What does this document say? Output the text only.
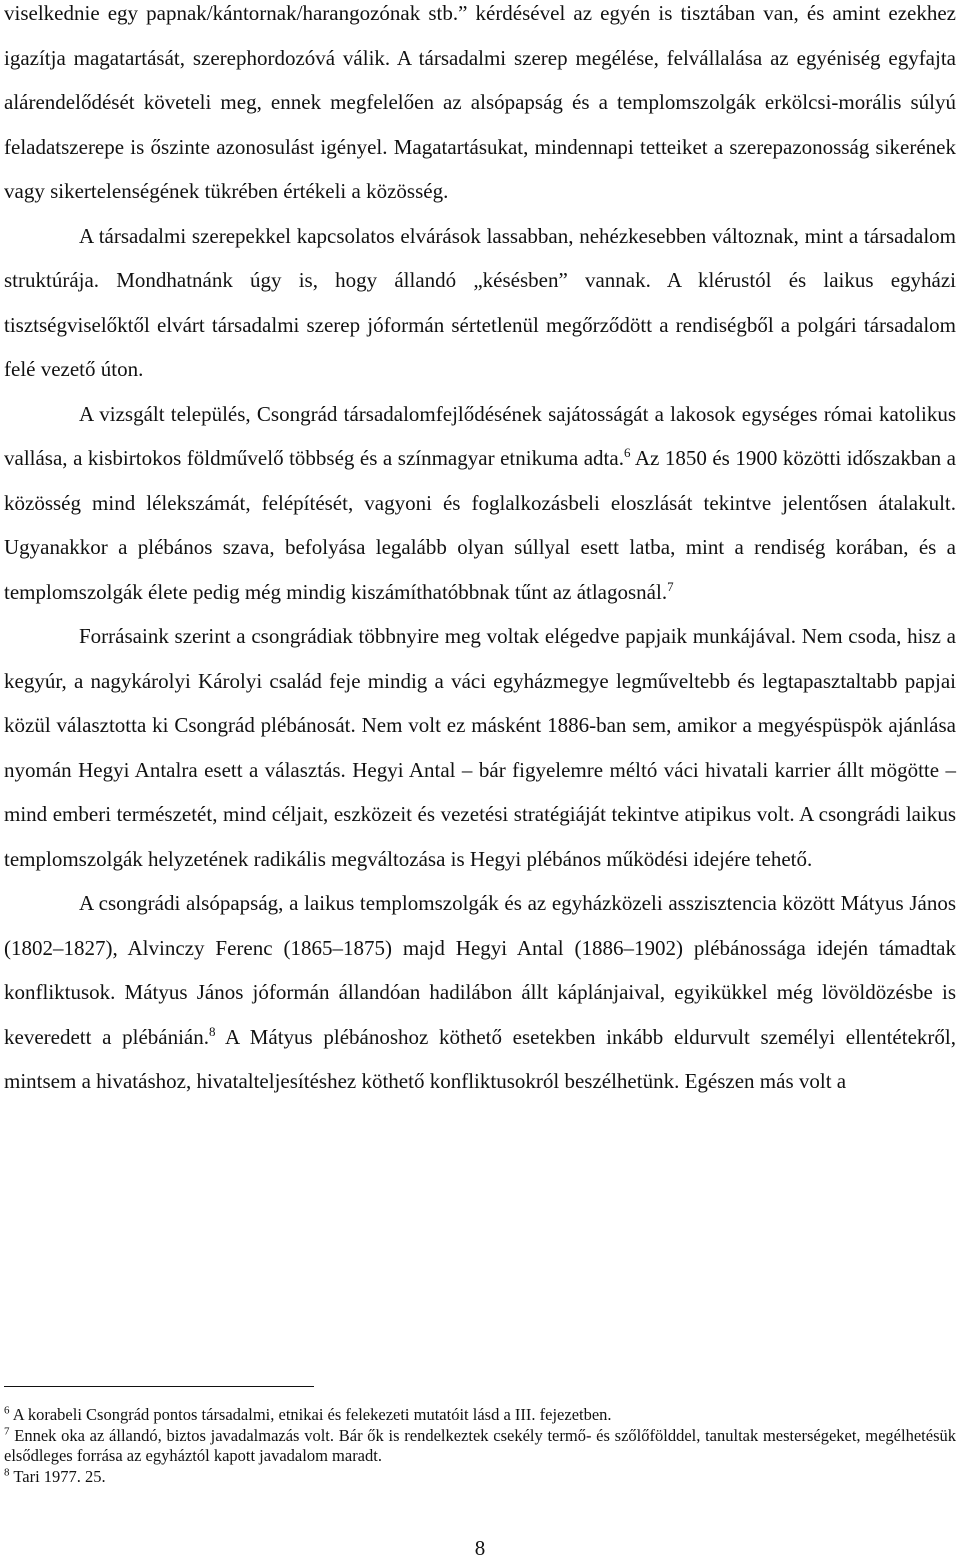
viselkednie egy papnak/kántornak/harangozónak stb.” kérdésével az egyén is tisztában van, és amint ezekhez igazítja magatartását, szerephordozóvá válik. A társadalmi szerep megélése, felvállalása az egyéniség egyfajta alárendelődését követeli meg, ennek megfelelően az alsópapság és a templomszolgák erkölcsi-morális súlyú feladatszerepe is őszinte azonosulást igényel. Magatartásukat, mindennapi tetteiket a szerepazonosság sikerének vagy sikertelenségének tükrében értékeli a közösség.

A társadalmi szerepekkel kapcsolatos elvárások lassabban, nehézkesebben változnak, mint a társadalom struktúrája. Mondhatnánk úgy is, hogy állandó „késésben” vannak. A klérustól és laikus egyházi tisztségviselőktől elvárt társadalmi szerep jóformán sértetlenül megőrződött a rendiségből a polgári társadalom felé vezető úton.

A vizsgált település, Csongrád társadalomfejlődésének sajátosságát a lakosok egységes római katolikus vallása, a kisbirtokos földművelő többség és a színmagyar etnikuma adta.$^6$ Az 1850 és 1900 közötti időszakban a közösség mind lélekszámát, felépítését, vagyoni és foglalkozásbeli eloszlását tekintve jelentősen átalakult. Ugyanakkor a plébános szava, befolyása legalább olyan súllyal esett latba, mint a rendiség korában, és a templomszolgák élete pedig még mindig kiszámíthatóbbnak tűnt az átlagosnál.$^7$

Forrásaink szerint a csongrádiak többnyire meg voltak elégedve papjaik munkájával. Nem csoda, hisz a kegyúr, a nagykárolyi Károlyi család feje mindig a váci egyházmegye legműveltebb és legtapasztaltabb papjai közül választotta ki Csongrád plébánosát. Nem volt ez másként 1886-ban sem, amikor a megyéspüspök ajánlása nyomán Hegyi Antalra esett a választás. Hegyi Antal – bár figyelemre méltó váci hivatali karrier állt mögötte – mind emberi természetét, mind céljait, eszközeit és vezetési stratégiáját tekintve atipikus volt. A csongrádi laikus templomszolgák helyzetének radikális megváltozása is Hegyi plébános működési idejére tehető.

A csongrádi alsópapság, a laikus templomszolgák és az egyházközeli asszisztencia között Mátyus János (1802–1827), Alvinczy Ferenc (1865–1875) majd Hegyi Antal (1886–1902) plébánossága idején támadtak konfliktusok. Mátyus János jóformán állandóan hadilábon állt káplánjaival, egyikükkel még lövöldözésbe is keveredett a plébánián.$^8$ A Mátyus plébánoshoz köthető esetekben inkább eldurvult személyi ellentétekről, mintsem a hivatáshoz, hivatalteljesítéshez köthető konfliktusokról beszélhetünk. Egészen más volt a

$^6$ A korabeli Csongrád pontos társadalmi, etnikai és felekezeti mutatóit lásd a III. fejezetben.

$^7$ Ennek oka az állandó, biztos javadalmazás volt. Bár ők is rendelkeztek csekély termő- és szőlőfölddel, tanultak mesterségeket, megélhetésük elsődleges forrása az egyháztól kapott javadalom maradt.

$^8$ Tari 1977. 25.

8
